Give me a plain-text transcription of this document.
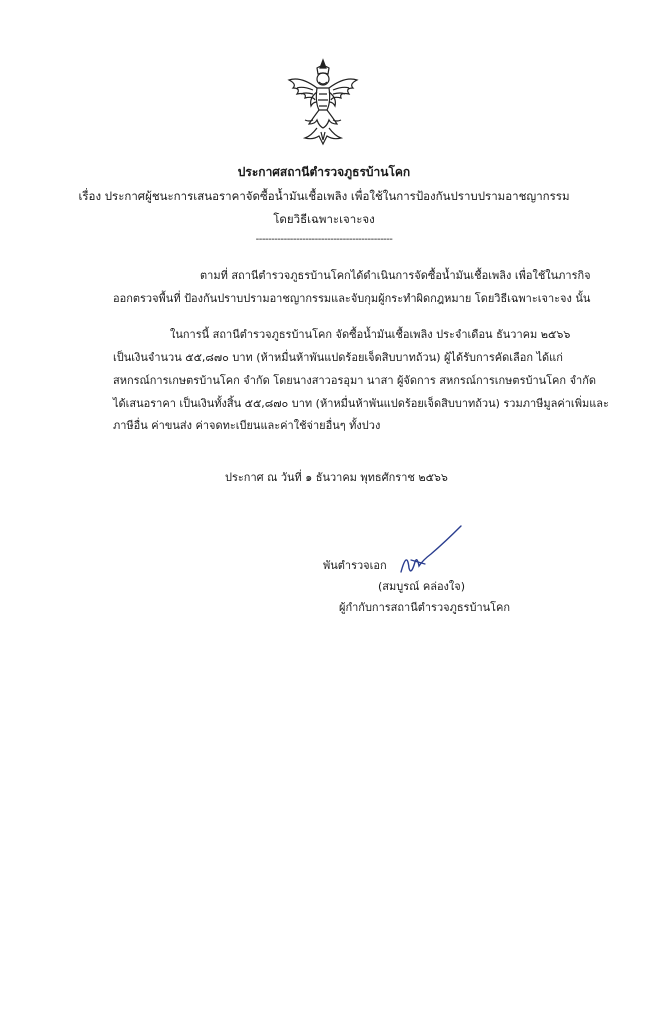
ประกาศสถานีตำรวจภูธรบ้านโคก
เรื่อง ประกาศผู้ชนะการเสนอราคาจัดซื้อน้ำมันเชื้อเพลิง เพื่อใช้ในการป้องกันปราบปรามอาชญากรรม
โดยวิธีเฉพาะเจาะจง
--------------------------------------------
ตามที่ สถานีตำรวจภูธรบ้านโคกได้ดำเนินการจัดซื้อน้ำมันเชื้อเพลิง เพื่อใช้ในภารกิจ
ออกตรวจพื้นที่ ป้องกันปราบปรามอาชญากรรมและจับกุมผู้กระทำผิดกฎหมาย โดยวิธีเฉพาะเจาะจง นั้น
ในการนี้ สถานีตำรวจภูธรบ้านโคก จัดซื้อน้ำมันเชื้อเพลิง ประจำเดือน ธันวาคม ๒๕๖๖
เป็นเงินจำนวน ๕๕,๘๗๐ บาท (ห้าหมื่นห้าพันแปดร้อยเจ็ดสิบบาทถ้วน) ผู้ได้รับการคัดเลือก ได้แก่
สหกรณ์การเกษตรบ้านโคก จำกัด โดยนางสาวอรอุมา นาสา ผู้จัดการ สหกรณ์การเกษตรบ้านโคก จำกัด
ได้เสนอราคา เป็นเงินทั้งสิ้น ๕๕,๘๗๐ บาท (ห้าหมื่นห้าพันแปดร้อยเจ็ดสิบบาทถ้วน) รวมภาษีมูลค่าเพิ่มและ
ภาษีอื่น ค่าขนส่ง ค่าจดทะเบียนและค่าใช้จ่ายอื่นๆ ทั้งปวง
ประกาศ ณ วันที่ ๑ ธันวาคม พุทธศักราช ๒๕๖๖
พันตำรวจเอก
(สมบูรณ์ คล่องใจ)
ผู้กำกับการสถานีตำรวจภูธรบ้านโคก
